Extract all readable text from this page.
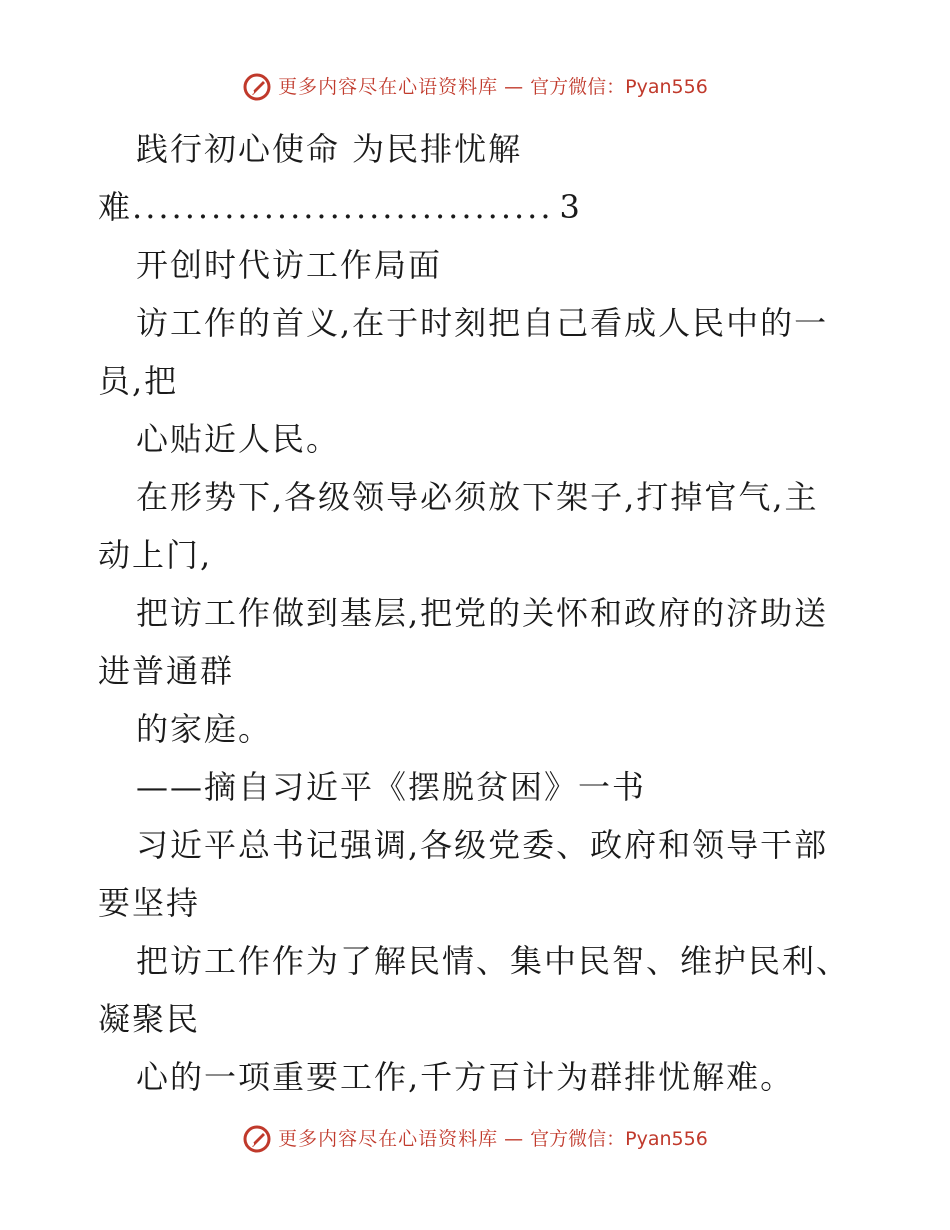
更多内容尽在心语资料库 — 官方微信：Pyan556
践行初心使命 为民排忧解
难 ................................ 3
开创时代访工作局面
访工作的首义,在于时刻把自己看成人民中的一
员,把
心贴近人民。
在形势下,各级领导必须放下架子,打掉官气,主
动上门,
把访工作做到基层,把党的关怀和政府的济助送
进普通群
的家庭。
——摘自习近平《摆脱贫困》一书
习近平总书记强调,各级党委、政府和领导干部
要坚持
把访工作作为了解民情、集中民智、维护民利、
凝聚民
心的一项重要工作,千方百计为群排忧解难。
更多内容尽在心语资料库 — 官方微信：Pyan556
